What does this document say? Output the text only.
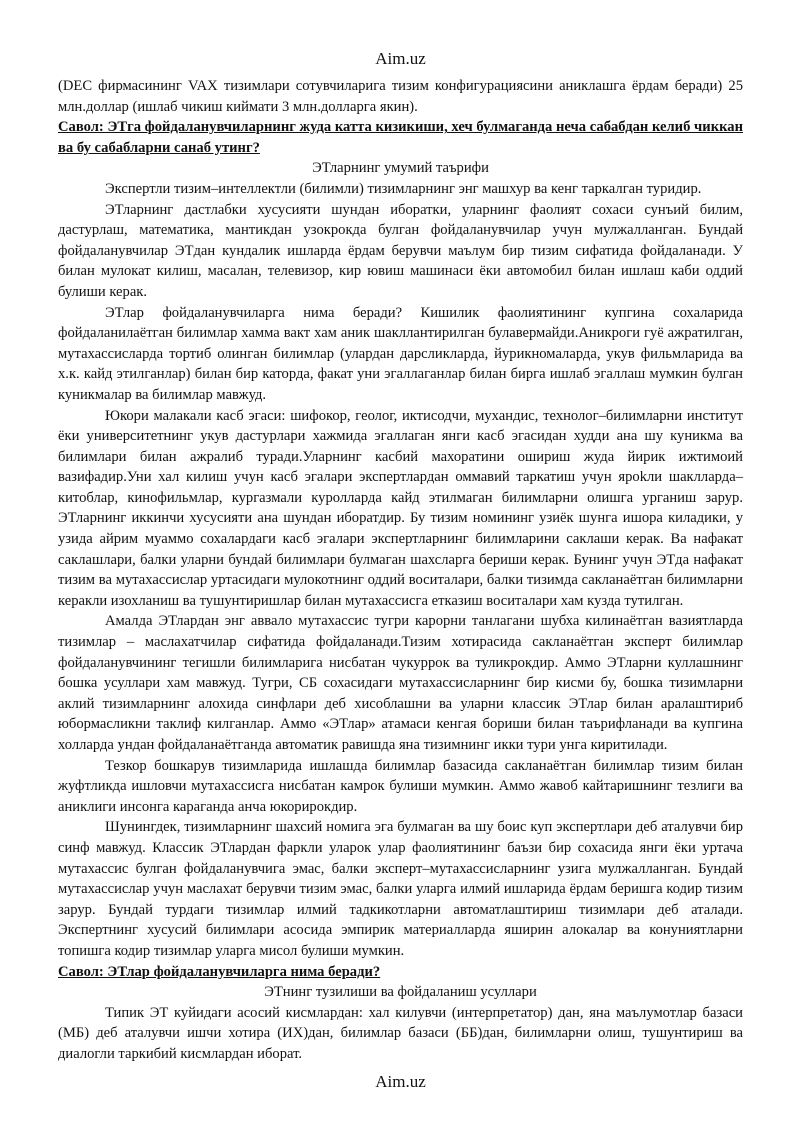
Aim.uz

(DEC фирмасининг VAX тизимлари сотувчиларига тизим конфигурациясини аниклашга ёрдам беради) 25 млн.доллар (ишлаб чикиш киймати 3 млн.долларга якин).

Савол: ЭТга фойдаланувчиларнинг жуда катта кизикиши, хеч булмаганда неча сабабдан келиб чиккан ва бу сабабларни санаб утинг?

ЭТларнинг умумий таърифи

Экспертли тизим–интеллектли (билимли) тизимларнинг энг машхур ва кенг таркалган туридир.

ЭТларнинг дастлабки хусусияти шундан иборатки, уларнинг фаолият сохаси сунъий билим, дастурлаш, математика, мантикдан узокрокда булган фойдаланувчилар учун мулжалланган. Бундай фойдаланувчилар ЭТдан кундалик ишларда ёрдам берувчи маълум бир тизим сифатида фойдаланади. У билан мулокат килиш, масалан, телевизор, кир ювиш машинаси ёки автомобил билан ишлаш каби оддий булиши керак.

ЭТлар фойдаланувчиларга нима беради? Кишилик фаолиятининг купгина сохаларида фойдаланилаётган билимлар хамма вакт хам аник шакллантирилган булавермайди.Аникроги гуё ажратилган, мутахассисларда тортиб олинган билимлар (улардан дарсликларда, йурикномаларда, укув фильмларида ва х.к. кайд этилганлар) билан бир каторда, факат уни эгаллаганлар билан бирга ишлаб эгаллаш мумкин булган куникмалар ва билимлар мавжуд.

Юкори малакали касб эгаси: шифокор, геолог, иктисодчи, мухандис, технолог–билимларни институт ёки университетнинг укув дастурлари хажмида эгаллаган янги касб эгасидан худди ана шу куникма ва билимлари билан ажралиб туради.Уларнинг касбий махоратини ошириш жуда йирик ижтимоий вазифадир.Уни хал килиш учун касб эгалари экспертлардан оммавий таркатиш учун яроkли шаклларда–китоблар, кинофильмлар, кургазмали куролларда кайд этилмаган билимларни олишга урганиш зарур. ЭТларнинг иккинчи хусусияти ана шундан иборатдир. Бу тизим номининг узиёк шунга ишора киладики, у узида айрим муаммо сохалардаги касб эгалари экспертларнинг билимларини саклаши керак. Ва нафакат саклашлари, балки уларни бундай билимлари булмаган шахсларга бериши керак. Бунинг учун ЭТда нафакат тизим ва мутахассислар уртасидаги мулокотнинг оддий воситалари, балки тизимда сакланаётган билимларни керакли изохланиш ва тушунтиришлар билан мутахассисга етказиш воситалари хам кузда тутилган.

Амалда ЭТлардан энг аввало мутахассис тугри карорни танлагани шубха килинаётган вазиятларда тизимлар – маслахатчилар сифатида фойдаланади.Тизим хотирасида сакланаётган эксперт билимлар фойдаланувчининг тегишли билимларига нисбатан чукуррок ва туликрокдир. Аммо ЭТларни куллашнинг бошка усуллари хам мавжуд. Тугри, СБ сохасидаги мутахассисларнинг бир кисми бу, бошка тизимларни аклий тизимларнинг алохида синфлари деб хисоблашни ва уларни классик ЭТлар билан аралаштириб юбормасликни таклиф килганлар. Аммо «ЭТлар» атамаси кенгая бориши билан таърифланади ва купгина холларда ундан фойдаланаётганда автоматик равишда яна тизимнинг икки тури унга киритилади.

Тезкор бошкарув тизимларида ишлашда билимлар базасида сакланаётган билимлар тизим билан жуфтликда ишловчи мутахассисга нисбатан камрок булиши мумкин. Аммо жавоб кайтаришнинг тезлиги ва аниклиги инсонга караганда анча юкорирокдир.

Шунингдек, тизимларнинг шахсий номига эга булмаган ва шу боис куп экспертлари деб аталувчи бир синф мавжуд. Классик ЭТлардан фаркли уларок улар фаолиятининг баъзи бир сохасида янги ёки уртача мутахассис булган фойдаланувчига эмас, балки эксперт–мутахассисларнинг узига мулжалланган. Бундай мутахассислар учун маслахат берувчи тизим эмас, балки уларга илмий ишларида ёрдам беришга кодир тизим зарур. Бундай турдаги тизимлар илмий тадкикотларни автоматлаштириш тизимлари деб аталади. Экспертнинг хусусий билимлари асосида эмпирик материалларда яширин алокалар ва конуниятларни топишга кодир тизимлар уларга мисол булиши мумкин.

Савол: ЭТлар фойдаланувчиларга нима беради?

ЭТнинг тузилиши ва фойдаланиш усуллари

Типик ЭТ куйидаги асосий кисмлардан: хал килувчи (интерпретатор) дан, яна маълумотлар базаси (МБ) деб аталувчи ишчи хотира (ИХ)дан, билимлар базаси (ББ)дан, билимларни олиш, тушунтириш ва диалогли таркибий кисмлардан иборат.

Aim.uz
